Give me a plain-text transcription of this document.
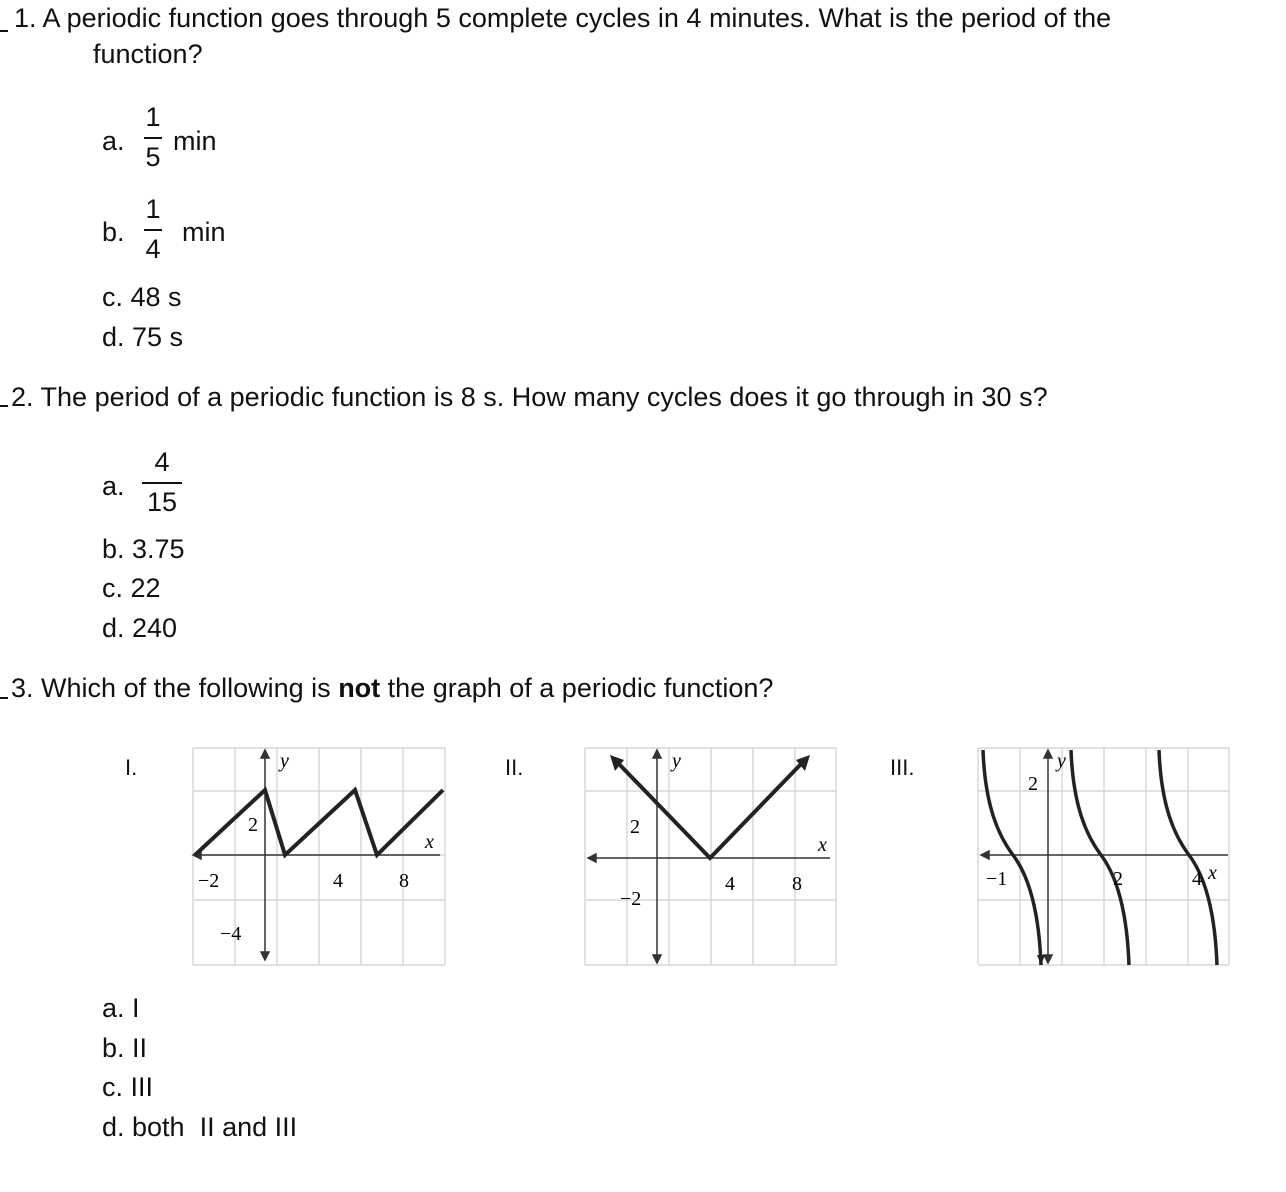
1. A periodic function goes through 5 complete cycles in 4 minutes. What is the period of the
function?
a.
1
5
min
b.
1
4
min
c. 48 s
d. 75 s
2. The period of a periodic function is 8 s. How many cycles does it go through in 30 s?
a.
4
15
b. 3.75
c. 22
d. 240
3. Which of the following is not the graph of a periodic function?
I.	II.	III.
y
x
2
−2	4	8
−4
y
x
2
−2
4	8
y
2
−1	2	4 x
a. I
b. II
c. III
d. both  II and III
